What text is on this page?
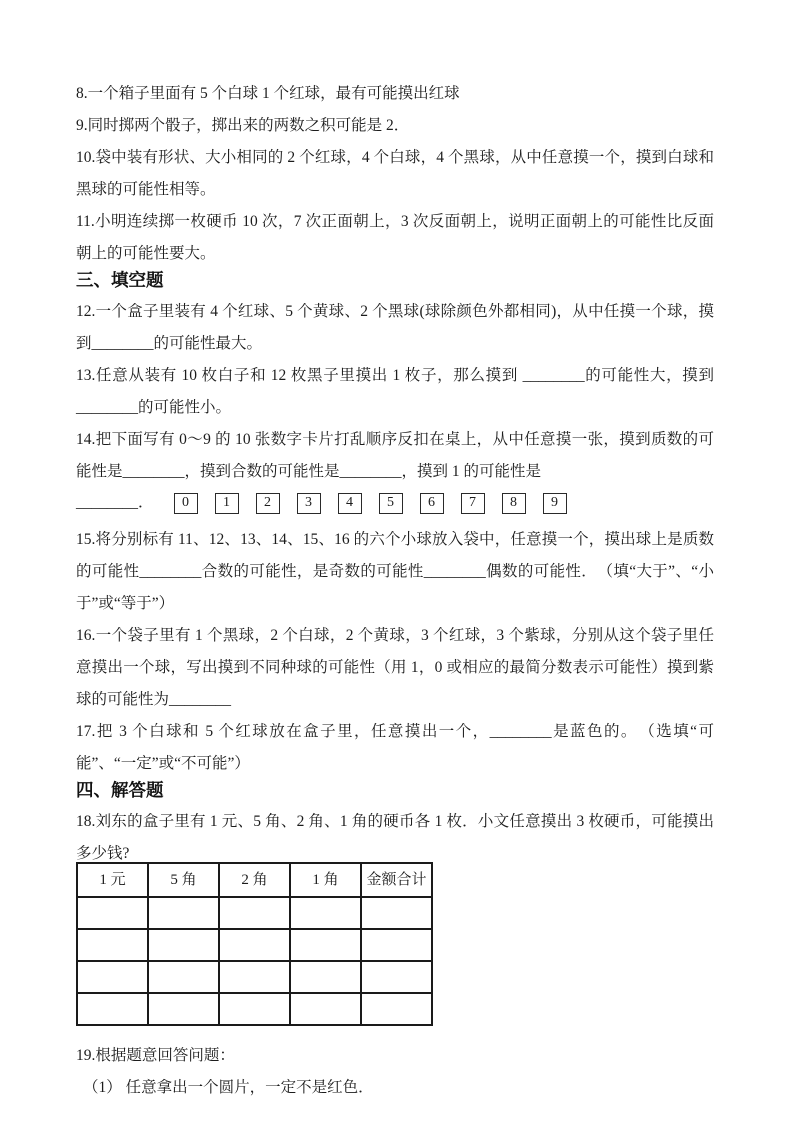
8.一个箱子里面有 5 个白球 1 个红球，最有可能摸出红球

9.同时掷两个骰子，掷出来的两数之积可能是 2．

10.袋中装有形状、大小相同的 2 个红球，4 个白球，4 个黑球，从中任意摸一个，摸到白球和黑球的可能性相等。

11.小明连续掷一枚硬币 10 次，7 次正面朝上，3 次反面朝上，说明正面朝上的可能性比反面朝上的可能性要大。

三、填空题

12.一个盒子里装有 4 个红球、5 个黄球、2 个黑球(球除颜色外都相同)，从中任摸一个球，摸到________的可能性最大。

13.任意从装有 10 枚白子和 12 枚黑子里摸出 1 枚子，那么摸到 ________的可能性大，摸到________的可能性小。

14.把下面写有 0～9 的 10 张数字卡片打乱顺序反扣在桌上，从中任意摸一张，摸到质数的可能性是________，摸到合数的可能性是________，摸到 1 的可能性是

________．	0	1	2	3	4	5	6	7	8	9

15.将分别标有 11、12、13、14、15、16 的六个小球放入袋中，任意摸一个，摸出球上是质数的可能性________合数的可能性，是奇数的可能性________偶数的可能性．　（填“大于”、“小于”或“等于”）

16.一个袋子里有 1 个黑球，2 个白球，2 个黄球，3 个红球，3 个紫球，分别从这个袋子里任意摸出一个球，写出摸到不同种球的可能性（用 1，0 或相应的最简分数表示可能性）摸到紫球的可能性为________

17.把 3 个白球和 5 个红球放在盒子里，任意摸出一个，________是蓝色的。　（选填“可能”、“一定”或“不可能”）

四、解答题

18.刘东的盒子里有 1 元、5 角、2 角、1 角的硬币各 1 枚．小文任意摸出 3 枚硬币，可能摸出多少钱?

1 元	5 角	2 角	1 角	金额合计

19.根据题意回答问题：

（1） 任意拿出一个圆片，一定不是红色．
